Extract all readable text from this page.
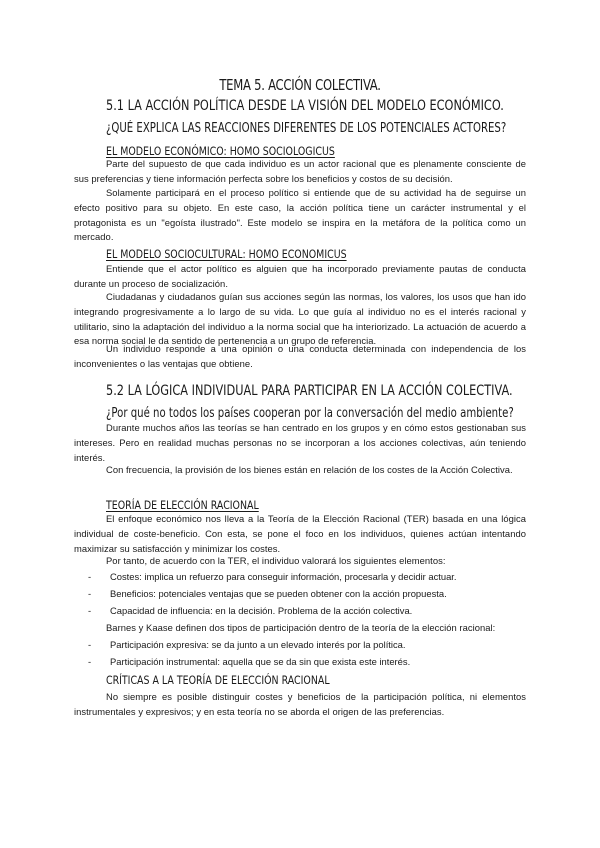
TEMA 5. ACCIÓN COLECTIVA.
5.1 LA ACCIÓN POLÍTICA DESDE LA VISIÓN DEL MODELO ECONÓMICO.
¿QUÉ EXPLICA LAS REACCIONES DIFERENTES DE LOS POTENCIALES ACTORES?
EL MODELO ECONÓMICO: HOMO SOCIOLOGICUS
Parte del supuesto de que cada individuo es un actor racional que es plenamente consciente de sus preferencias y tiene información perfecta sobre los beneficios y costos de su decisión.
Solamente participará en el proceso político si entiende que de su actividad ha de seguirse un efecto positivo para su objeto. En este caso, la acción política tiene un carácter instrumental y el protagonista es un "egoísta ilustrado". Este modelo se inspira en la metáfora de la política como un mercado.
EL MODELO SOCIOCULTURAL: HOMO ECONOMICUS
Entiende que el actor político es alguien que ha incorporado previamente pautas de conducta durante un proceso de socialización.
Ciudadanas y ciudadanos guían sus acciones según las normas, los valores, los usos que han ido integrando progresivamente a lo largo de su vida. Lo que guía al individuo no es el interés racional y utilitario, sino la adaptación del individuo a la norma social que ha interiorizado. La actuación de acuerdo a esa norma social le da sentido de pertenencia a un grupo de referencia.
Un individuo responde a una opinión o una conducta determinada con independencia de los inconvenientes o las ventajas que obtiene.
5.2 LA LÓGICA INDIVIDUAL PARA PARTICIPAR EN LA ACCIÓN COLECTIVA.
¿Por qué no todos los países cooperan por la conversación del medio ambiente?
Durante muchos años las teorías se han centrado en los grupos y en cómo estos gestionaban sus intereses. Pero en realidad muchas personas no se incorporan a los acciones colectivas, aún teniendo interés.
Con frecuencia, la provisión de los bienes están en relación de los costes de la Acción Colectiva.
TEORÍA DE ELECCIÓN RACIONAL
El enfoque económico nos lleva a la Teoría de la Elección Racional (TER) basada en una lógica individual de coste-beneficio. Con esta, se pone el foco en los individuos, quienes actúan intentando maximizar su satisfacción y minimizar los costes.
Por tanto, de acuerdo con la TER, el individuo valorará los siguientes elementos:
- Costes: implica un refuerzo para conseguir información, procesarla y decidir actuar.
- Beneficios: potenciales ventajas que se pueden obtener con la acción propuesta.
- Capacidad de influencia: en la decisión. Problema de la acción colectiva.
Barnes y Kaase definen dos tipos de participación dentro de la teoría de la elección racional:
- Participación expresiva: se da junto a un elevado interés por la política.
- Participación instrumental: aquella que se da sin que exista este interés.
CRÍTICAS A LA TEORÍA DE ELECCIÓN RACIONAL
No siempre es posible distinguir costes y beneficios de la participación política, ni elementos instrumentales y expresivos; y en esta teoría no se aborda el origen de las preferencias.
